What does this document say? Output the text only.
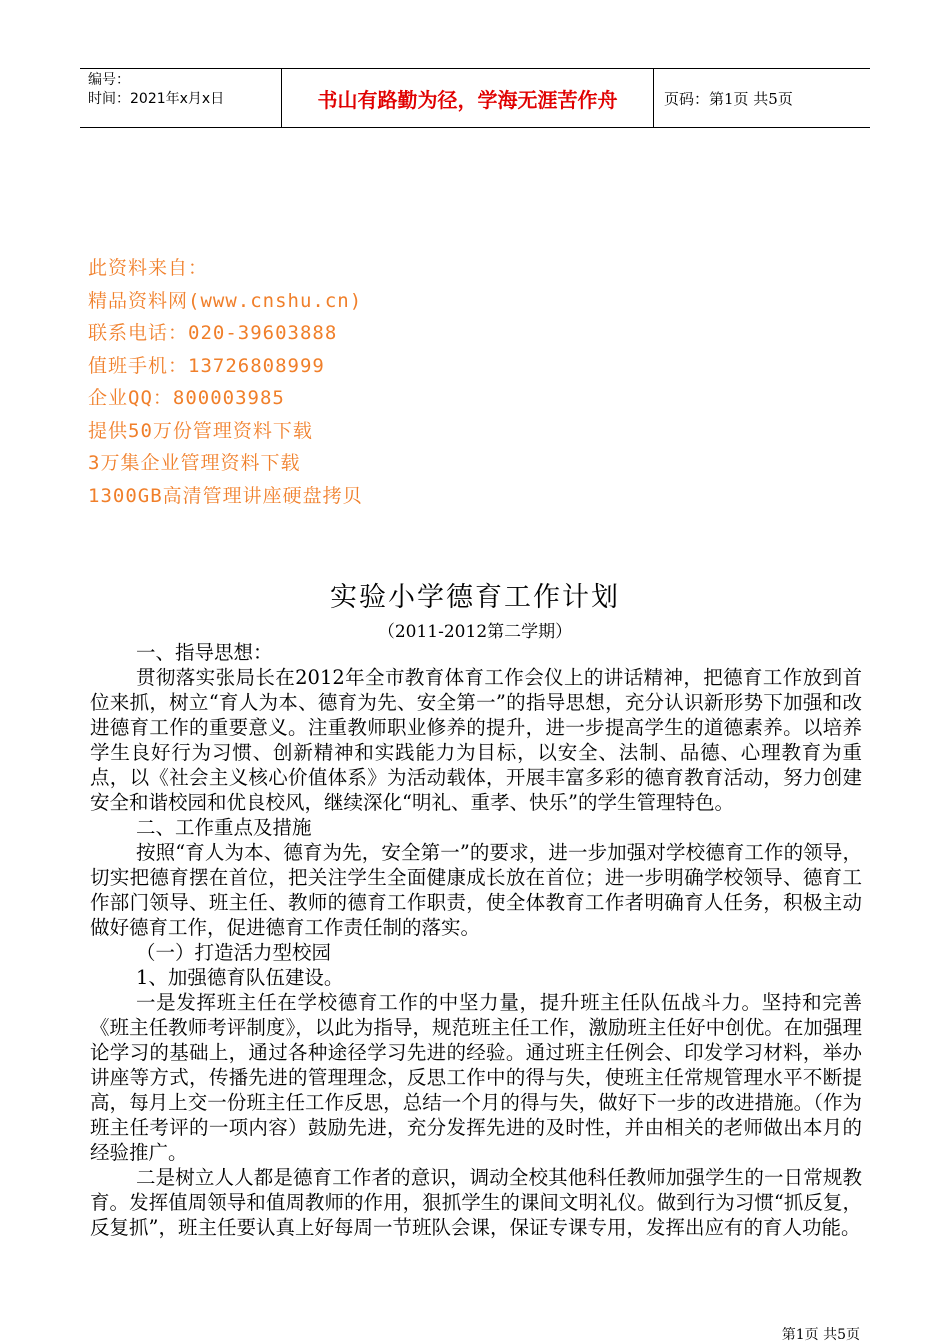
编号：
时间：2021年x月x日	书山有路勤为径，学海无涯苦作舟	页码：第1页 共5页
此资料来自：
精品资料网(www.cnshu.cn)
联系电话：020-39603888
值班手机：13726808999
企业QQ：800003985
提供50万份管理资料下载
3万集企业管理资料下载
1300GB高清管理讲座硬盘拷贝
实验小学德育工作计划
（2011-2012第二学期）

一、指导思想：

贯彻落实张局长在2012年全市教育体育工作会仪上的讲话精神，把德育工作放到首位来抓，树立“育人为本、德育为先、安全第一”的指导思想，充分认识新形势下加强和改进德育工作的重要意义。注重教师职业修养的提升，进一步提高学生的道德素养。以培养学生良好行为习惯、创新精神和实践能力为目标，以安全、法制、品德、心理教育为重点，以《社会主义核心价值体系》为活动载体，开展丰富多彩的德育教育活动，努力创建安全和谐校园和优良校风，继续深化“明礼、重孝、快乐”的学生管理特色。

二、工作重点及措施

按照“育人为本、德育为先，安全第一”的要求，进一步加强对学校德育工作的领导，切实把德育摆在首位，把关注学生全面健康成长放在首位；进一步明确学校领导、德育工作部门领导、班主任、教师的德育工作职责，使全体教育工作者明确育人任务，积极主动做好德育工作，促进德育工作责任制的落实。

（一）打造活力型校园

1、加强德育队伍建设。

一是发挥班主任在学校德育工作的中坚力量，提升班主任队伍战斗力。坚持和完善《班主任教师考评制度》，以此为指导，规范班主任工作，激励班主任好中创优。在加强理论学习的基础上，通过各种途径学习先进的经验。通过班主任例会、印发学习材料，举办讲座等方式，传播先进的管理理念，反思工作中的得与失，使班主任常规管理水平不断提高，每月上交一份班主任工作反思，总结一个月的得与失，做好下一步的改进措施。（作为班主任考评的一项内容）鼓励先进，充分发挥先进的及时性，并由相关的老师做出本月的经验推广。

二是树立人人都是德育工作者的意识，调动全校其他科任教师加强学生的一日常规教育。发挥值周领导和值周教师的作用，狠抓学生的课间文明礼仪。做到行为习惯“抓反复，反复抓”，班主任要认真上好每周一节班队会课，保证专课专用，发挥出应有的育人功能。

第1页 共5页
